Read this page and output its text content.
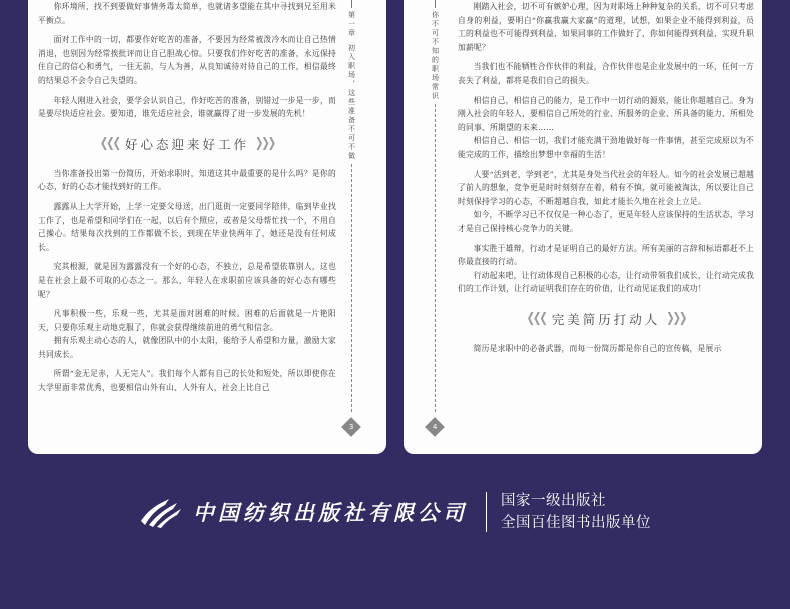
你环境所，找不到要做好事情务毒太简单，也就诸多望能在其中寻找到兄至用米平衡点。

面对工作中的一切，都要作好吃苦的准备，不要因为经常被泼冷水而让自己热情消退，也别因为经常挨批评而让自己胆战心惊。只要我们作好吃苦的准备，永远保持住自己的信心和勇气，一往无前，与人为善，从良知诚待对待自己的工作，相信最终的结果总不会令自己失望的。

年轻人刚进入社会，要学会认识自己，作好吃苦的准备，别错过一步是一步，而是要尽快适应社会。要知道，谁先适应社会，谁就赢得了进一步发展的先机！

❮❮❮ 好心态迎来好工作 ❯❯❯

当你准备投出第一份简历，开始求职时，知道这其中最重要的是什么吗？是你的心态，好的心态才能找到好的工作。

露露从上大学开始，上学一定要父母送，出门逛街一定要同学陪伴，临到毕业找工作了，也是希望和同学们在一起，以后有个照应，或者是父母帮忙找一个，不用自己操心。结果每次找到的工作都做不长，到现在毕业快两年了，她还是没有任何成长。

究其根源，就是因为露露没有一个好的心态，不独立，总是希望依靠别人，这也是在社会上最不可取的心态之一。那么，年轻人在求职前应该具备的好心态有哪些呢？

凡事积极一些，乐观一些，尤其是面对困难的时候。困难的后面就是一片艳阳天，只要你乐观主动地克服了，你就会获得继续前进的勇气和信念。

拥有乐观主动心态的人，就像团队中的小太阳，能给予人希望和力量，激励大家共同成长。

所谓“金无足赤，人无完人”。我们每个人都有自己的长处和短处，所以即使你在大学里面非常优秀，也要相信山外有山、人外有人，社会上比自己

第一章
初入职场，这些准备不可不做
3
你不可不知的职场常识
4

刚踏入社会，切不可有嫉妒心理，因为对职场上种种复杂的关系，切不可只考虑自身的利益，要明白“你赢我赢大家赢”的道理，试想，如果企业不能得到利益，员工的利益也不可能得到利益，如果同事的工作做好了，你如何能得到利益，实现升职加薪呢？

当我们也不能牺牲合作伙伴的利益，合作伙伴也是企业发展中的一环，任何一方丧失了利益，都将是我们自己的损失。

相信自己，相信自己的能力，是工作中一切行动的源泉，能让你超越自己。身为刚入社会的年轻人，要相信自己所处的行业、所服务的企业、所具备的能力、所相处的同事、所期望的未来……

相信自己、相信一切，我们才能充满干劲地做好每一件事情，甚至完成原以为不能完成的工作，描绘出梦想中幸福的生活！

人要“活到老，学到老”，尤其是身处当代社会的年轻人。如今的社会发展已超越了前人的想象，竞争更是时时刻刻存在着，稍有不慎，就可能被淘汰，所以要让自己时刻保持学习的心态，不断超越自我，如此才能长久地在社会上立足。

如今，不断学习已不仅仅是一种心态了，更是年轻人应该保持的生活状态，学习才是自己保持核心竞争力的关键。

事实胜于雄辩，行动才是证明自己的最好方法。所有美丽的言辞和标语都赶不上你最直接的行动。

行动起来吧，让行动体现自己积极的心态，让行动带领我们成长，让行动完成我们的工作计划，让行动证明我们存在的价值，让行动见证我们的成功！

❮❮❮ 完美简历打动人 ❯❯❯

简历是求职中的必备武器，而每一份简历都是你自己的宣传稿，是展示

中国纺织出版社有限公司 国家一级出版社
全国百佳图书出版单位
